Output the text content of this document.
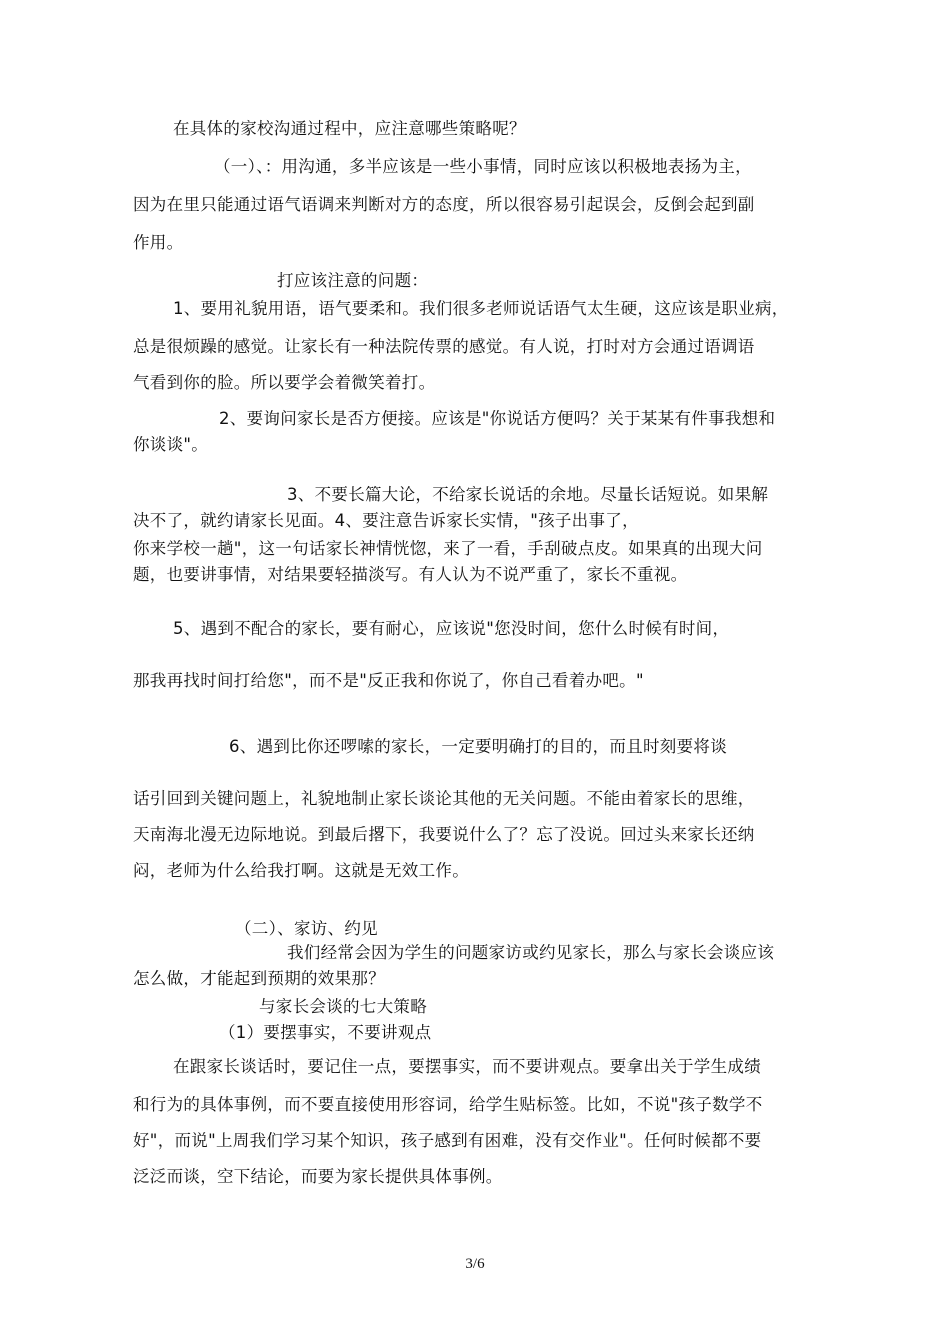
在具体的家校沟通过程中，应注意哪些策略呢？
（一）、：用沟通，多半应该是一些小事情，同时应该以积极地表扬为主，
因为在里只能通过语气语调来判断对方的态度，所以很容易引起误会，反倒会起到副
作用。
打应该注意的问题：
1、要用礼貌用语，语气要柔和。我们很多老师说话语气太生硬，这应该是职业病，
总是很烦躁的感觉。让家长有一种法院传票的感觉。有人说，打时对方会通过语调语
气看到你的脸。所以要学会着微笑着打。
2、要询问家长是否方便接。应该是"你说话方便吗？关于某某有件事我想和
你谈谈"。
3、不要长篇大论，不给家长说话的余地。尽量长话短说。如果解
决不了，就约请家长见面。4、要注意告诉家长实情，"孩子出事了，
你来学校一趟"，这一句话家长神情恍惚，来了一看，手刮破点皮。如果真的出现大问
题，也要讲事情，对结果要轻描淡写。有人认为不说严重了，家长不重视。
5、遇到不配合的家长，要有耐心，应该说"您没时间，您什么时候有时间，
那我再找时间打给您"，而不是"反正我和你说了，你自己看着办吧。"
6、遇到比你还啰嗦的家长，一定要明确打的目的，而且时刻要将谈
话引回到关键问题上，礼貌地制止家长谈论其他的无关问题。不能由着家长的思维，
天南海北漫无边际地说。到最后撂下，我要说什么了？忘了没说。回过头来家长还纳
闷，老师为什么给我打啊。这就是无效工作。
（二）、家访、约见
我们经常会因为学生的问题家访或约见家长，那么与家长会谈应该
怎么做，才能起到预期的效果那？
与家长会谈的七大策略
（1）要摆事实，不要讲观点
在跟家长谈话时，要记住一点，要摆事实，而不要讲观点。要拿出关于学生成绩
和行为的具体事例，而不要直接使用形容词，给学生贴标签。比如，不说"孩子数学不
好"，而说"上周我们学习某个知识，孩子感到有困难，没有交作业"。任何时候都不要
泛泛而谈，空下结论，而要为家长提供具体事例。
3/6
